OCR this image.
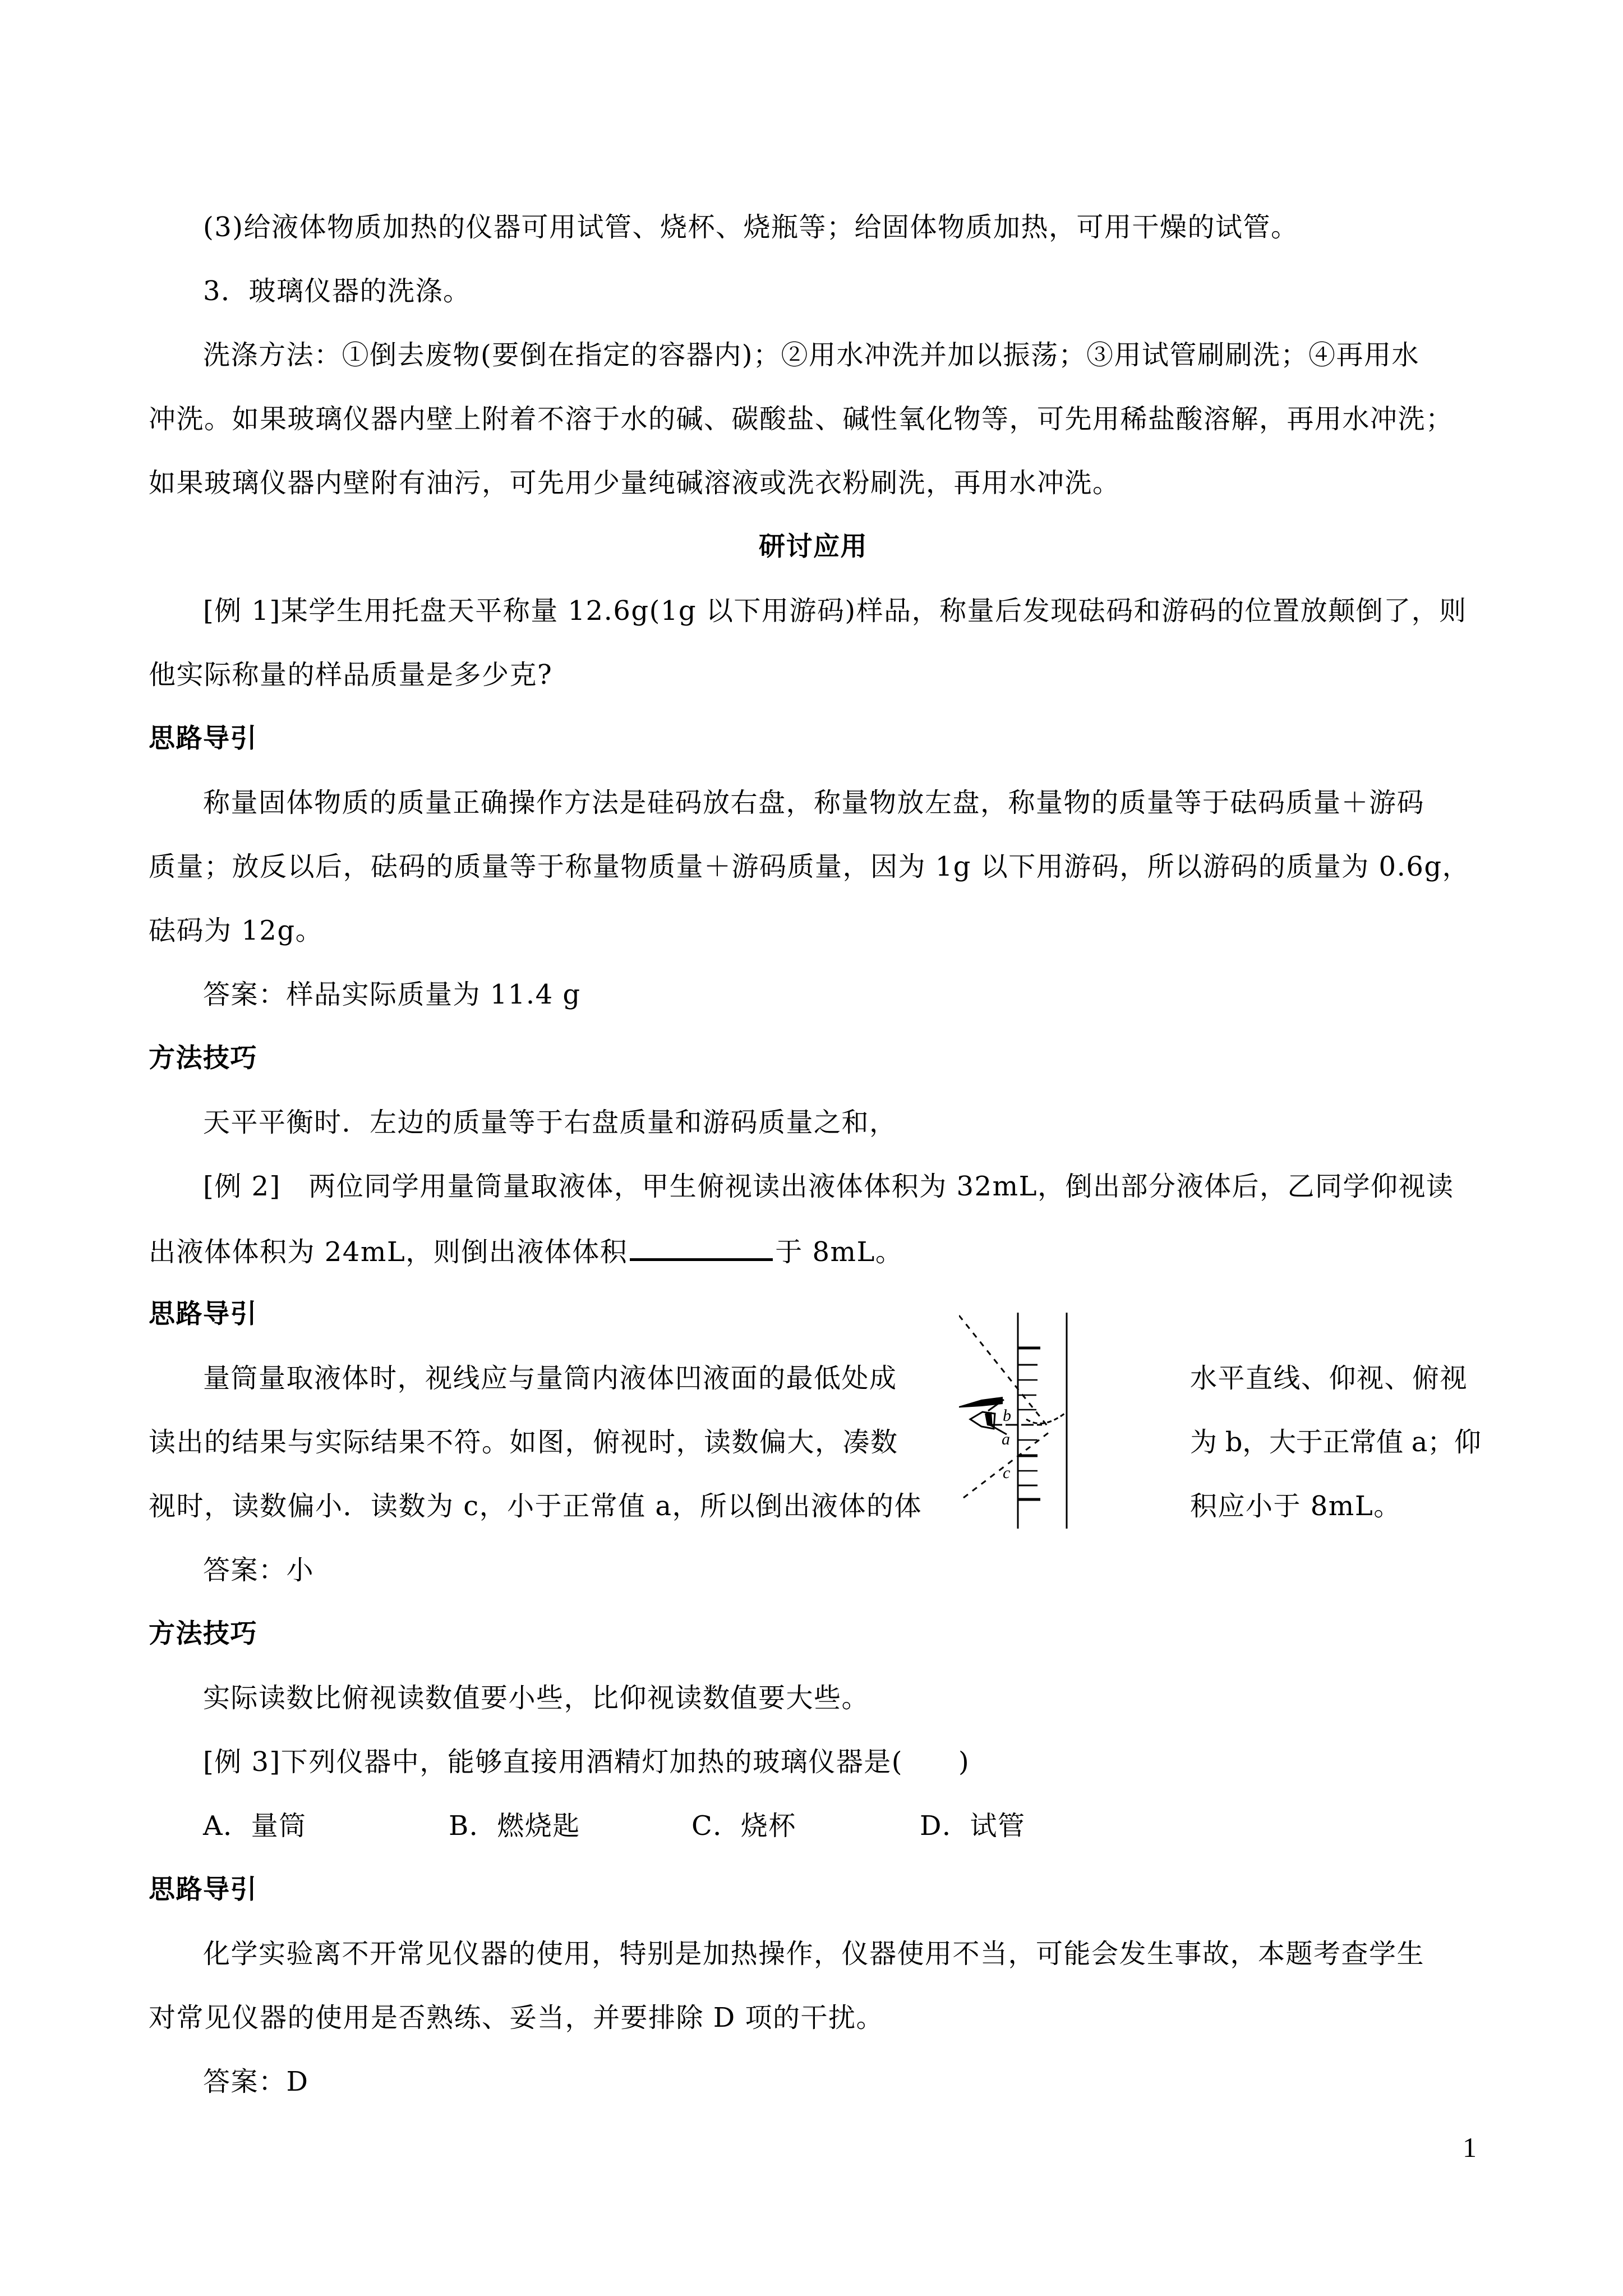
(3)给液体物质加热的仪器可用试管、烧杯、烧瓶等；给固体物质加热，可用干燥的试管。
3．玻璃仪器的洗涤。
洗涤方法：①倒去废物(要倒在指定的容器内)；②用水冲洗并加以振荡；③用试管刷刷洗；④再用水
冲洗。如果玻璃仪器内壁上附着不溶于水的碱、碳酸盐、碱性氧化物等，可先用稀盐酸溶解，再用水冲洗；
如果玻璃仪器内壁附有油污，可先用少量纯碱溶液或洗衣粉刷洗，再用水冲洗。
研讨应用
[例 1]某学生用托盘天平称量 12.6g(1g 以下用游码)样品，称量后发现砝码和游码的位置放颠倒了，则
他实际称量的样品质量是多少克?
思路导引
称量固体物质的质量正确操作方法是硅码放右盘，称量物放左盘，称量物的质量等于砝码质量＋游码
质量；放反以后，砝码的质量等于称量物质量＋游码质量，因为 1g 以下用游码，所以游码的质量为 0.6g，
砝码为 12g。
答案：样品实际质量为 11.4 g
方法技巧
天平平衡时．左边的质量等于右盘质量和游码质量之和，
[例 2]　两位同学用量筒量取液体，甲生俯视读出液体体积为 32mL，倒出部分液体后，乙同学仰视读
出液体体积为 24mL，则倒出液体体积	于 8mL。
思路导引
量筒量取液体时，视线应与量筒内液体凹液面的最低处成
读出的结果与实际结果不符。如图，俯视时，读数偏大，凑数
视时，读数偏小．读数为 c，小于正常值 a，所以倒出液体的体
水平直线、仰视、俯视
为 b，大于正常值 a；仰
积应小于 8mL。
b
a
c
答案：小
方法技巧
实际读数比俯视读数值要小些，比仰视读数值要大些。
[例 3]下列仪器中，能够直接用酒精灯加热的玻璃仪器是(　　)
A．量筒	B．燃烧匙	C．烧杯	D．试管
思路导引
化学实验离不开常见仪器的使用，特别是加热操作，仪器使用不当，可能会发生事故，本题考查学生
对常见仪器的使用是否熟练、妥当，并要排除 D 项的干扰。
答案：D
1
